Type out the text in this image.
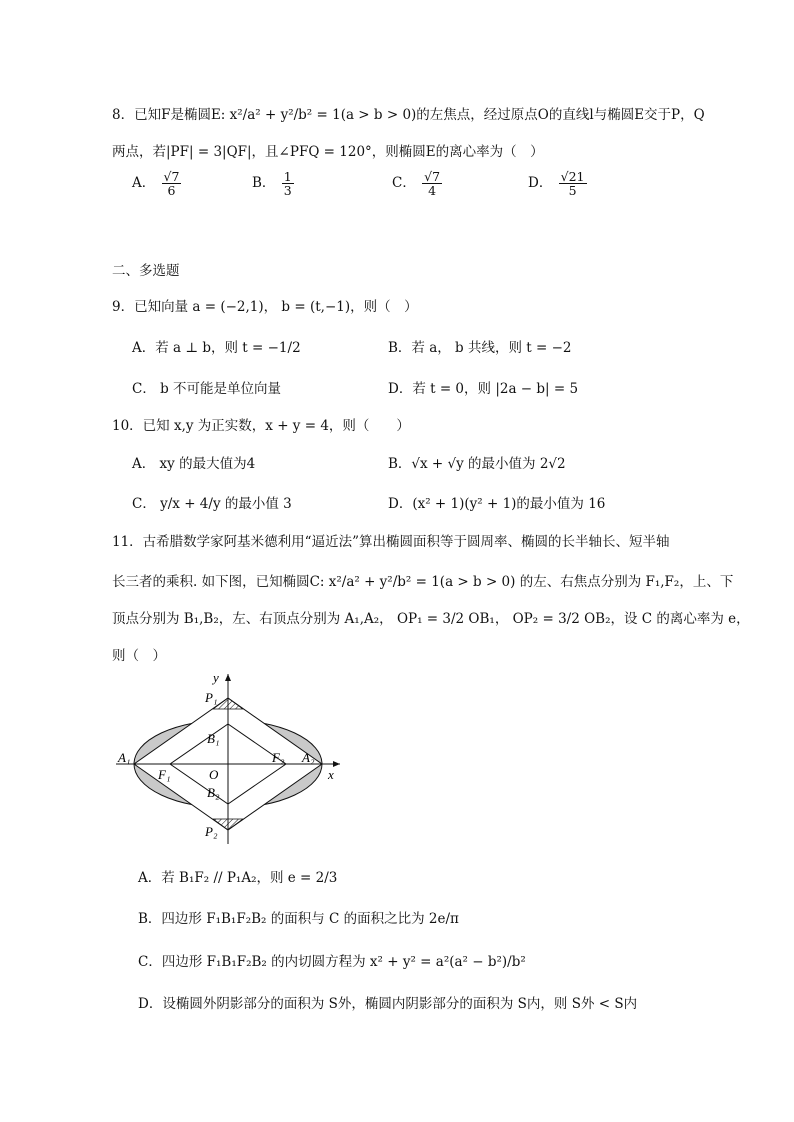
8．已知F是椭圆E: x²/a² + y²/b² = 1(a > b > 0)的左焦点，经过原点O的直线l与椭圆E交于P，Q
两点，若|PF| = 3|QF|，且∠PFQ = 120°，则椭圆E的离心率为（　）
A． $\frac{√7}{6}$	B． $\frac{1}{3}$	C． $\frac{√7}{4}$	D． $\frac{√21}{5}$
二、多选题
9．已知向量 a = (−2,1)， b = (t,−1)，则（　）
A．若 a ⊥ b，则 t = −1/2	B．若 a， b 共线，则 t = −2
C． b 不可能是单位向量	D．若 t = 0，则 |2a − b| = 5
10．已知 x,y 为正实数，x + y = 4，则（　　）
A． xy 的最大值为4	B．√x + √y 的最小值为 2√2
C． y/x + 4/y 的最小值 3	D．(x² + 1)(y² + 1)的最小值为 16
11．古希腊数学家阿基米德利用“逼近法”算出椭圆面积等于圆周率、椭圆的长半轴长、短半轴
长三者的乘积. 如下图，已知椭圆C: x²/a² + y²/b² = 1(a > b > 0) 的左、右焦点分别为 F₁,F₂，上、下
顶点分别为 B₁,B₂，左、右顶点分别为 A₁,A₂， OP₁ = 3/2 OB₁， OP₂ = 3/2 OB₂，设 C 的离心率为 e，
则（　）
y
x
P₁
P₂
B₁
B₂
A₁	A₂
F₁
F₂
O
A．若 B₁F₂ // P₁A₂，则 e = 2/3
B．四边形 F₁B₁F₂B₂ 的面积与 C 的面积之比为 2e/π
C．四边形 F₁B₁F₂B₂ 的内切圆方程为 x² + y² = a²(a² − b²)/b²
D．设椭圆外阴影部分的面积为 S外，椭圆内阴影部分的面积为 S内，则 S外 < S内
